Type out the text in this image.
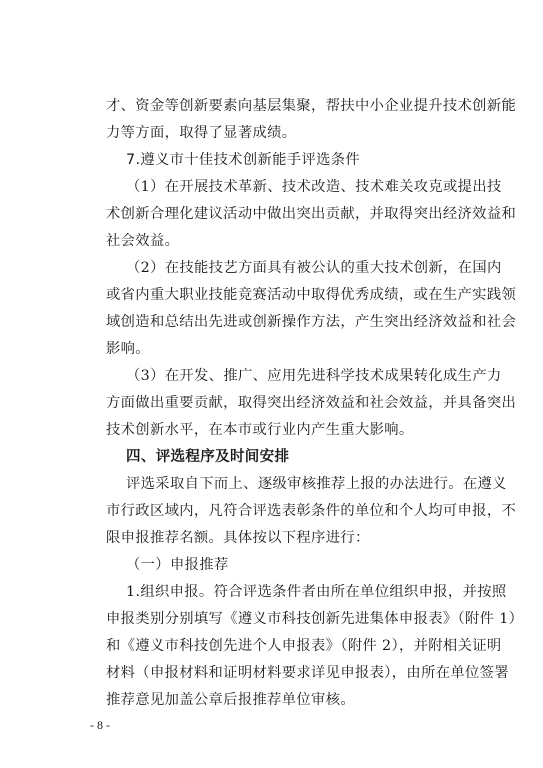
才、资金等创新要素向基层集聚，帮扶中小企业提升技术创新能
力等方面，取得了显著成绩。
7.遵义市十佳技术创新能手评选条件
（1）在开展技术革新、技术改造、技术难关攻克或提出技
术创新合理化建议活动中做出突出贡献，并取得突出经济效益和
社会效益。
（2）在技能技艺方面具有被公认的重大技术创新，在国内
或省内重大职业技能竞赛活动中取得优秀成绩，或在生产实践领
域创造和总结出先进或创新操作方法，产生突出经济效益和社会
影响。
（3）在开发、推广、应用先进科学技术成果转化成生产力
方面做出重要贡献，取得突出经济效益和社会效益，并具备突出
技术创新水平，在本市或行业内产生重大影响。
四、评选程序及时间安排
评选采取自下而上、逐级审核推荐上报的办法进行。在遵义
市行政区域内，凡符合评选表彰条件的单位和个人均可申报，不
限申报推荐名额。具体按以下程序进行：
（一）申报推荐
1.组织申报。符合评选条件者由所在单位组织申报，并按照
申报类别分别填写《遵义市科技创新先进集体申报表》（附件 1）
和《遵义市科技创先进个人申报表》（附件 2），并附相关证明
材料（申报材料和证明材料要求详见申报表），由所在单位签署
推荐意见加盖公章后报推荐单位审核。
- 8 -
